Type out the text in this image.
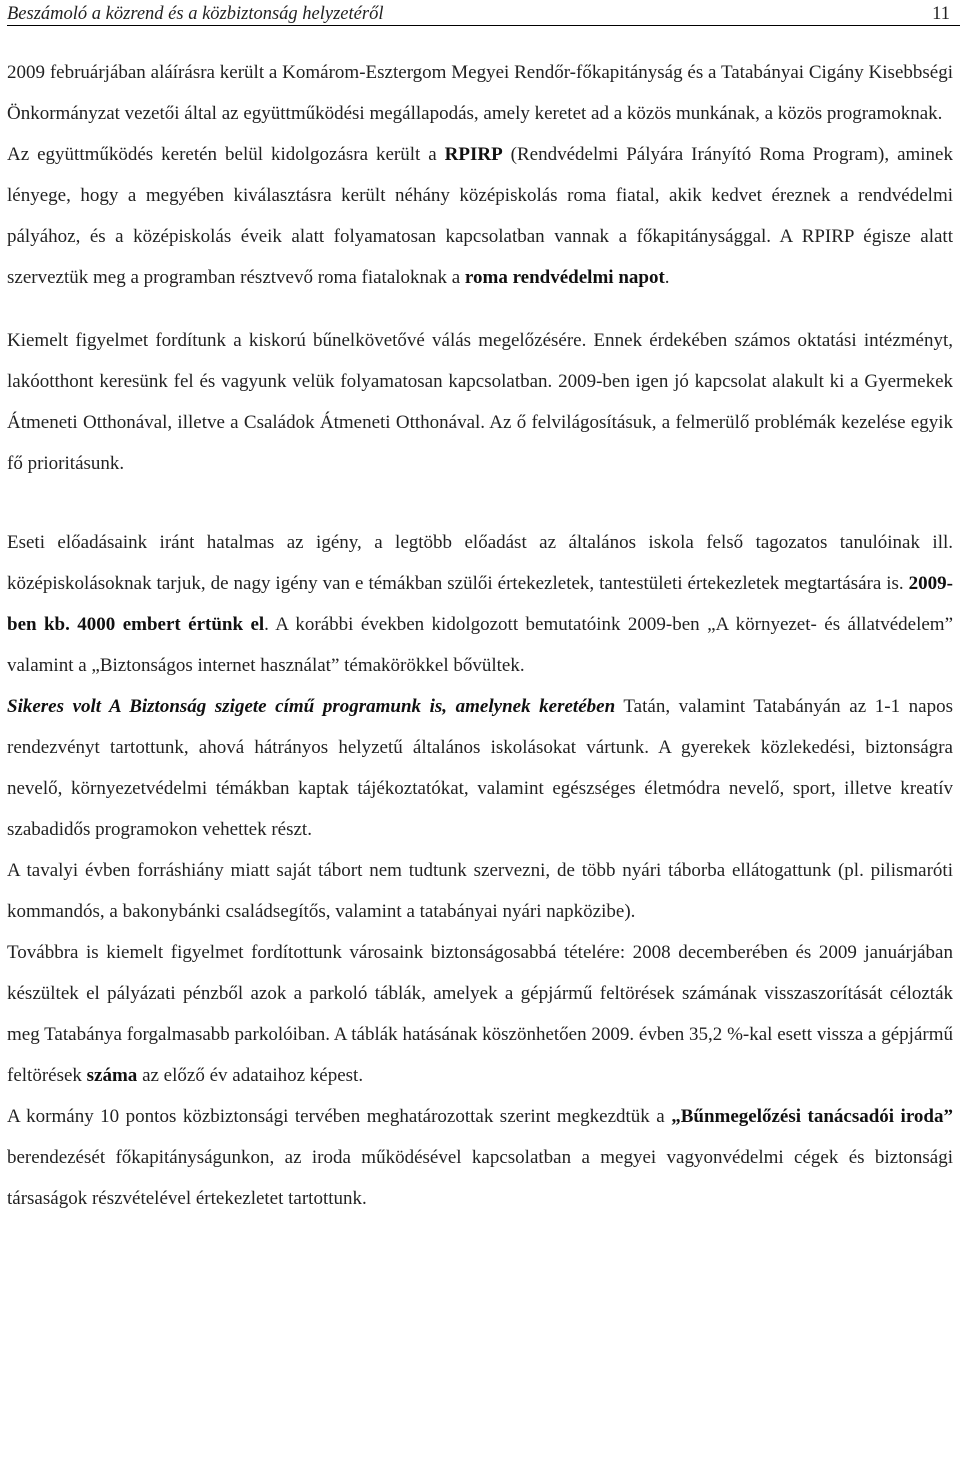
Beszámoló a közrend és a közbiztonság helyzetéről	11

2009 februárjában aláírásra került a Komárom-Esztergom Megyei Rendőr-főkapitányság és a Tatabányai Cigány Kisebbségi Önkormányzat vezetői által az együttműködési megállapodás, amely keretet ad a közös munkának, a közös programoknak.

Az együttműködés keretén belül kidolgozásra került a RPIRP (Rendvédelmi Pályára Irányító Roma Program), aminek lényege, hogy a megyében kiválasztásra került néhány középiskolás roma fiatal, akik kedvet éreznek a rendvédelmi pályához, és a középiskolás éveik alatt folyamatosan kapcsolatban vannak a főkapitánysággal. A RPIRP égisze alatt szerveztük meg a programban résztvevő roma fiataloknak a roma rendvédelmi napot.

Kiemelt figyelmet fordítunk a kiskorú bűnelkövetővé válás megelőzésére. Ennek érdekében számos oktatási intézményt, lakóotthont keresünk fel és vagyunk velük folyamatosan kapcsolatban. 2009-ben igen jó kapcsolat alakult ki a Gyermekek Átmeneti Otthonával, illetve a Családok Átmeneti Otthonával. Az ő felvilágosításuk, a felmerülő problémák kezelése egyik fő prioritásunk.

Eseti előadásaink iránt hatalmas az igény, a legtöbb előadást az általános iskola felső tagozatos tanulóinak ill. középiskolásoknak tarjuk, de nagy igény van e témákban szülői értekezletek, tantestületi értekezletek megtartására is. 2009-ben kb. 4000 embert értünk el. A korábbi években kidolgozott bemutatóink 2009-ben „A környezet- és állatvédelem” valamint a „Biztonságos internet használat” témakörökkel bővültek.

Sikeres volt A Biztonság szigete című programunk is, amelynek keretében Tatán, valamint Tatabányán az 1-1 napos rendezvényt tartottunk, ahová hátrányos helyzetű általános iskolásokat vártunk. A gyerekek közlekedési, biztonságra nevelő, környezetvédelmi témákban kaptak tájékoztatókat, valamint egészséges életmódra nevelő, sport, illetve kreatív szabadidős programokon vehettek részt.

A tavalyi évben forráshiány miatt saját tábort nem tudtunk szervezni, de több nyári táborba ellátogattunk (pl. pilismaróti kommandós, a bakonybánki családsegítős, valamint a tatabányai nyári napközibe).

Továbbra is kiemelt figyelmet fordítottunk városaink biztonságosabbá tételére: 2008 decemberében és 2009 januárjában készültek el pályázati pénzből azok a parkoló táblák, amelyek a gépjármű feltörések számának visszaszorítását célozták meg Tatabánya forgalmasabb parkolóiban. A táblák hatásának köszönhetően 2009. évben 35,2 %-kal esett vissza a gépjármű feltörések száma az előző év adataihoz képest.

A kormány 10 pontos közbiztonsági tervében meghatározottak szerint megkezdtük a „Bűnmegelőzési tanácsadói iroda” berendezését főkapitányságunkon, az iroda működésével kapcsolatban a megyei vagyonvédelmi cégek és biztonsági társaságok részvételével értekezletet tartottunk.
